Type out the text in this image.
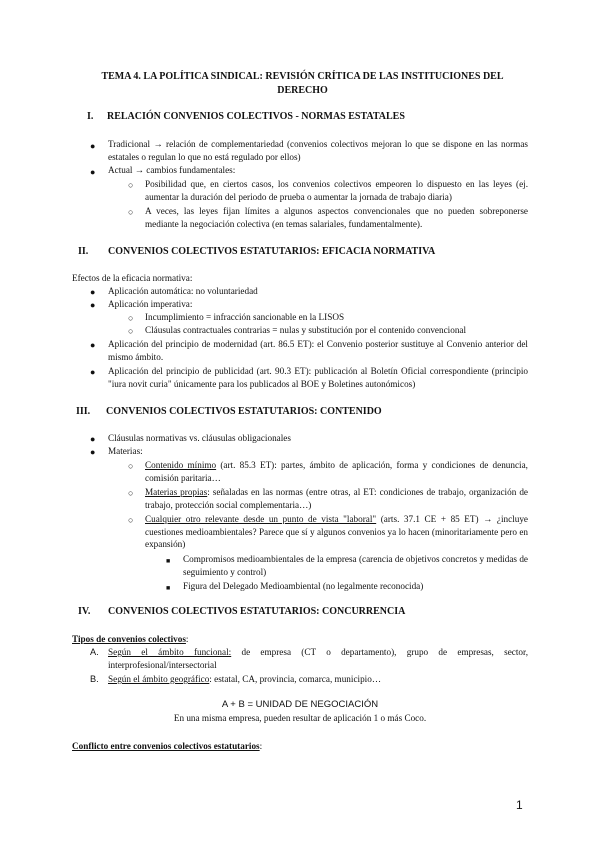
TEMA 4. LA POLÍTICA SINDICAL: REVISIÓN CRÍTICA DE LAS INSTITUCIONES DEL DERECHO
I. RELACIÓN CONVENIOS COLECTIVOS - NORMAS ESTATALES
● Tradicional → relación de complementariedad (convenios colectivos mejoran lo que se dispone en las normas estatales o regulan lo que no está regulado por ellos)
● Actual → cambios fundamentales:
○ Posibilidad que, en ciertos casos, los convenios colectivos empeoren lo dispuesto en las leyes (ej. aumentar la duración del periodo de prueba o aumentar la jornada de trabajo diaria)
○ A veces, las leyes fijan límites a algunos aspectos convencionales que no pueden sobreponerse mediante la negociación colectiva (en temas salariales, fundamentalmente).
II. CONVENIOS COLECTIVOS ESTATUTARIOS: EFICACIA NORMATIVA
Efectos de la eficacia normativa:
● Aplicación automática: no voluntariedad
● Aplicación imperativa:
○ Incumplimiento = infracción sancionable en la LISOS
○ Cláusulas contractuales contrarias = nulas y substitución por el contenido convencional
● Aplicación del principio de modernidad (art. 86.5 ET): el Convenio posterior sustituye al Convenio anterior del mismo ámbito.
● Aplicación del principio de publicidad (art. 90.3 ET): publicación al Boletín Oficial correspondiente (principio "iura novit curia" únicamente para los publicados al BOE y Boletines autonómicos)
III. CONVENIOS COLECTIVOS ESTATUTARIOS: CONTENIDO
● Cláusulas normativas vs. cláusulas obligacionales
● Materias:
○ Contenido mínimo (art. 85.3 ET): partes, ámbito de aplicación, forma y condiciones de denuncia, comisión paritaria…
○ Materias propias: señaladas en las normas (entre otras, al ET: condiciones de trabajo, organización de trabajo, protección social complementaria…)
○ Cualquier otro relevante desde un punto de vista "laboral" (arts. 37.1 CE + 85 ET) → ¿incluye cuestiones medioambientales? Parece que sí y algunos convenios ya lo hacen (minoritariamente pero en expansión)
■ Compromisos medioambientales de la empresa (carencia de objetivos concretos y medidas de seguimiento y control)
■ Figura del Delegado Medioambiental (no legalmente reconocida)
IV. CONVENIOS COLECTIVOS ESTATUTARIOS: CONCURRENCIA
Tipos de convenios colectivos:
A. Según el ámbito funcional: de empresa (CT o departamento), grupo de empresas, sector, interprofesional/intersectorial
B. Según el ámbito geográfico: estatal, CA, provincia, comarca, municipio…
A + B = UNIDAD DE NEGOCIACIÓN
En una misma empresa, pueden resultar de aplicación 1 o más Coco.
Conflicto entre convenios colectivos estatutarios:
1
